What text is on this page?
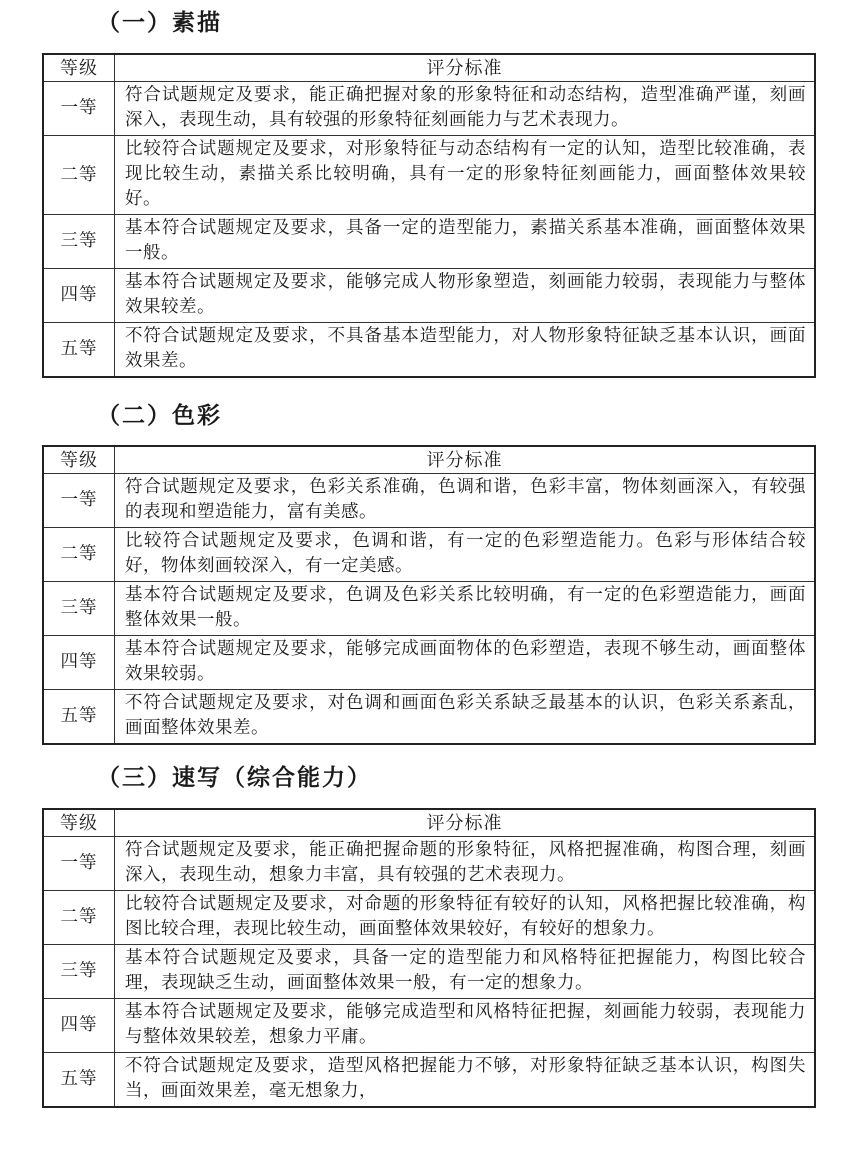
（一）素描
等级	评分标准
一等	符合试题规定及要求，能正确把握对象的形象特征和动态结构，造型准确严谨，刻画深入，表现生动，具有较强的形象特征刻画能力与艺术表现力。
二等	比较符合试题规定及要求，对形象特征与动态结构有一定的认知，造型比较准确，表现比较生动，素描关系比较明确，具有一定的形象特征刻画能力，画面整体效果较好。
三等	基本符合试题规定及要求，具备一定的造型能力，素描关系基本准确，画面整体效果一般。
四等	基本符合试题规定及要求，能够完成人物形象塑造，刻画能力较弱，表现能力与整体效果较差。
五等	不符合试题规定及要求，不具备基本造型能力，对人物形象特征缺乏基本认识，画面效果差。
（二）色彩
等级	评分标准
一等	符合试题规定及要求，色彩关系准确，色调和谐，色彩丰富，物体刻画深入，有较强的表现和塑造能力，富有美感。
二等	比较符合试题规定及要求，色调和谐，有一定的色彩塑造能力。色彩与形体结合较好，物体刻画较深入，有一定美感。
三等	基本符合试题规定及要求，色调及色彩关系比较明确，有一定的色彩塑造能力，画面整体效果一般。
四等	基本符合试题规定及要求，能够完成画面物体的色彩塑造，表现不够生动，画面整体效果较弱。
五等	不符合试题规定及要求，对色调和画面色彩关系缺乏最基本的认识，色彩关系紊乱，画面整体效果差。
（三）速写（综合能力）
等级	评分标准
一等	符合试题规定及要求，能正确把握命题的形象特征，风格把握准确，构图合理，刻画深入，表现生动，想象力丰富，具有较强的艺术表现力。
二等	比较符合试题规定及要求，对命题的形象特征有较好的认知，风格把握比较准确，构图比较合理，表现比较生动，画面整体效果较好，有较好的想象力。
三等	基本符合试题规定及要求，具备一定的造型能力和风格特征把握能力，构图比较合理，表现缺乏生动，画面整体效果一般，有一定的想象力。
四等	基本符合试题规定及要求，能够完成造型和风格特征把握，刻画能力较弱，表现能力与整体效果较差，想象力平庸。
五等	不符合试题规定及要求，造型风格把握能力不够，对形象特征缺乏基本认识，构图失当，画面效果差，毫无想象力，
